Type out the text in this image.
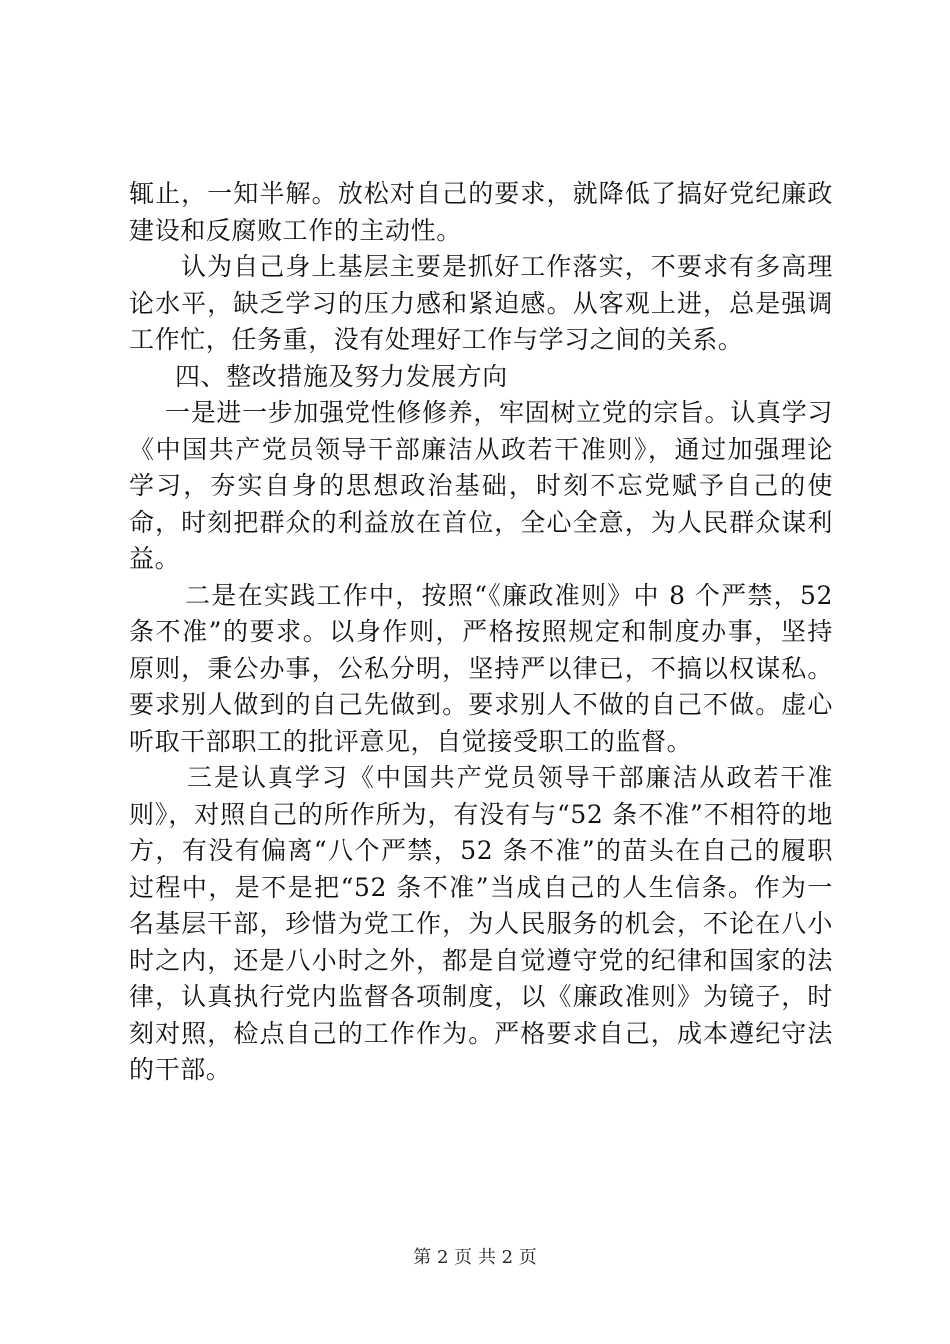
辄止，一知半解。放松对自己的要求，就降低了搞好党纪廉政建设和反腐败工作的主动性。

认为自己身上基层主要是抓好工作落实，不要求有多高理论水平，缺乏学习的压力感和紧迫感。从客观上进，总是强调工作忙，任务重，没有处理好工作与学习之间的关系。

四、整改措施及努力发展方向

一是进一步加强党性修修养，牢固树立党的宗旨。认真学习《中国共产党员领导干部廉洁从政若干准则》，通过加强理论学习，夯实自身的思想政治基础，时刻不忘党赋予自己的使命，时刻把群众的利益放在首位，全心全意，为人民群众谋利益。

二是在实践工作中，按照“《廉政准则》中 8 个严禁，52 条不准”的要求。以身作则，严格按照规定和制度办事，坚持原则，秉公办事，公私分明，坚持严以律已，不搞以权谋私。要求别人做到的自己先做到。要求别人不做的自己不做。虚心听取干部职工的批评意见，自觉接受职工的监督。

三是认真学习《中国共产党员领导干部廉洁从政若干准则》，对照自己的所作所为，有没有与“52 条不准”不相符的地方，有没有偏离“八个严禁，52 条不准”的苗头在自己的履职过程中，是不是把“52 条不准”当成自己的人生信条。作为一名基层干部，珍惜为党工作，为人民服务的机会，不论在八小时之内，还是八小时之外，都是自觉遵守党的纪律和国家的法律，认真执行党内监督各项制度，以《廉政准则》为镜子，时刻对照，检点自己的工作作为。严格要求自己，成本遵纪守法的干部。

第 2 页 共 2 页
